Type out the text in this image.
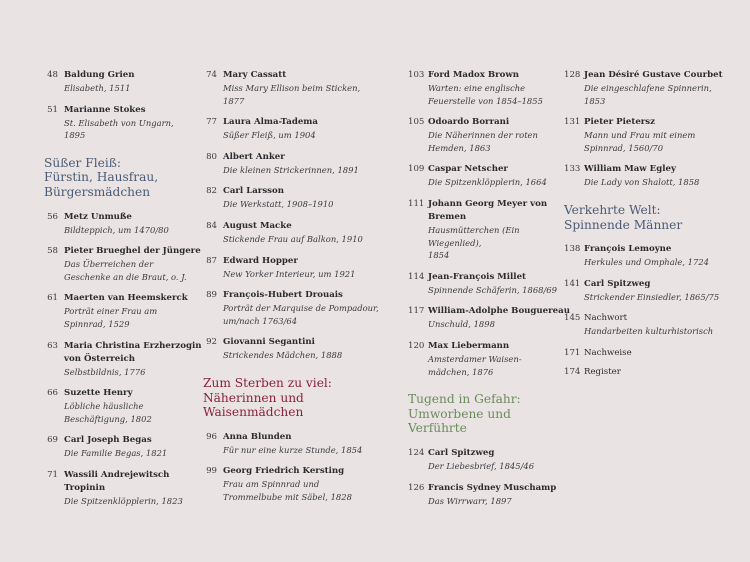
48 Baldung Grien
Elisabeth, 1511
51 Marianne Stokes
St. Elisabeth von Ungarn,
1895
Süßer Fleiß:
Fürstin, Hausfrau,
Bürgersmädchen
56 Metz Unmuße
Bildteppich, um 1470/80
58 Pieter Brueghel der Jüngere
Das Überreichen der
Geschenke an die Braut, o. J.
61 Maerten van Heemskerck
Porträt einer Frau am
Spinnrad, 1529
63 Maria Christina Erzherzogin von Österreich
Selbstbildnis, 1776
66 Suzette Henry
Löbliche häusliche
Beschäftigung, 1802
69 Carl Joseph Begas
Die Familie Begas, 1821
71 Wassili Andrejewitsch Tropinin
Die Spitzenklöpplerin, 1823
74 Mary Cassatt
Miss Mary Ellison beim Sticken,
1877
77 Laura Alma-Tadema
Süßer Fleiß, um 1904
80 Albert Anker
Die kleinen Strickerinnen, 1891
82 Carl Larsson
Die Werkstatt, 1908–1910
84 August Macke
Stickende Frau auf Balkon, 1910
87 Edward Hopper
New Yorker Interieur, um 1921
89 François-Hubert Drouais
Porträt der Marquise de Pompadour,
um/nach 1763/64
92 Giovanni Segantini
Strickendes Mädchen, 1888
Zum Sterben zu viel:
Näherinnen und
Waisenmädchen
96 Anna Blunden
Für nur eine kurze Stunde, 1854
99 Georg Friedrich Kersting
Frau am Spinnrad und
Trommelbube mit Säbel, 1828
103 Ford Madox Brown
Warten: eine englische
Feuerstelle von 1854–1855
105 Odoardo Borrani
Die Näherinnen der roten
Hemden, 1863
109 Caspar Netscher
Die Spitzenklöpplerin, 1664
111 Johann Georg Meyer von Bremen
Hausmütterchen (Ein Wiegenlied),
1854
114 Jean-François Millet
Spinnende Schäferin, 1868/69
117 William-Adolphe Bouguereau
Unschuld, 1898
120 Max Liebermann
Amsterdamer Waisen-
mädchen, 1876
Tugend in Gefahr:
Umworbene und Verführte
124 Carl Spitzweg
Der Liebesbrief, 1845/46
126 Francis Sydney Muschamp
Das Wirrwarr, 1897
128 Jean Désiré Gustave Courbet
Die eingeschlafene Spinnerin,
1853
131 Pieter Pietersz
Mann und Frau mit einem
Spinnrad, 1560/70
133 William Maw Egley
Die Lady von Shalott, 1858
Verkehrte Welt:
Spinnende Männer
138 François Lemoyne
Herkules und Omphale, 1724
141 Carl Spitzweg
Strickender Einsiedler, 1865/75
145 Nachwort
Handarbeiten kulturhistorisch
171 Nachweise
174 Register
